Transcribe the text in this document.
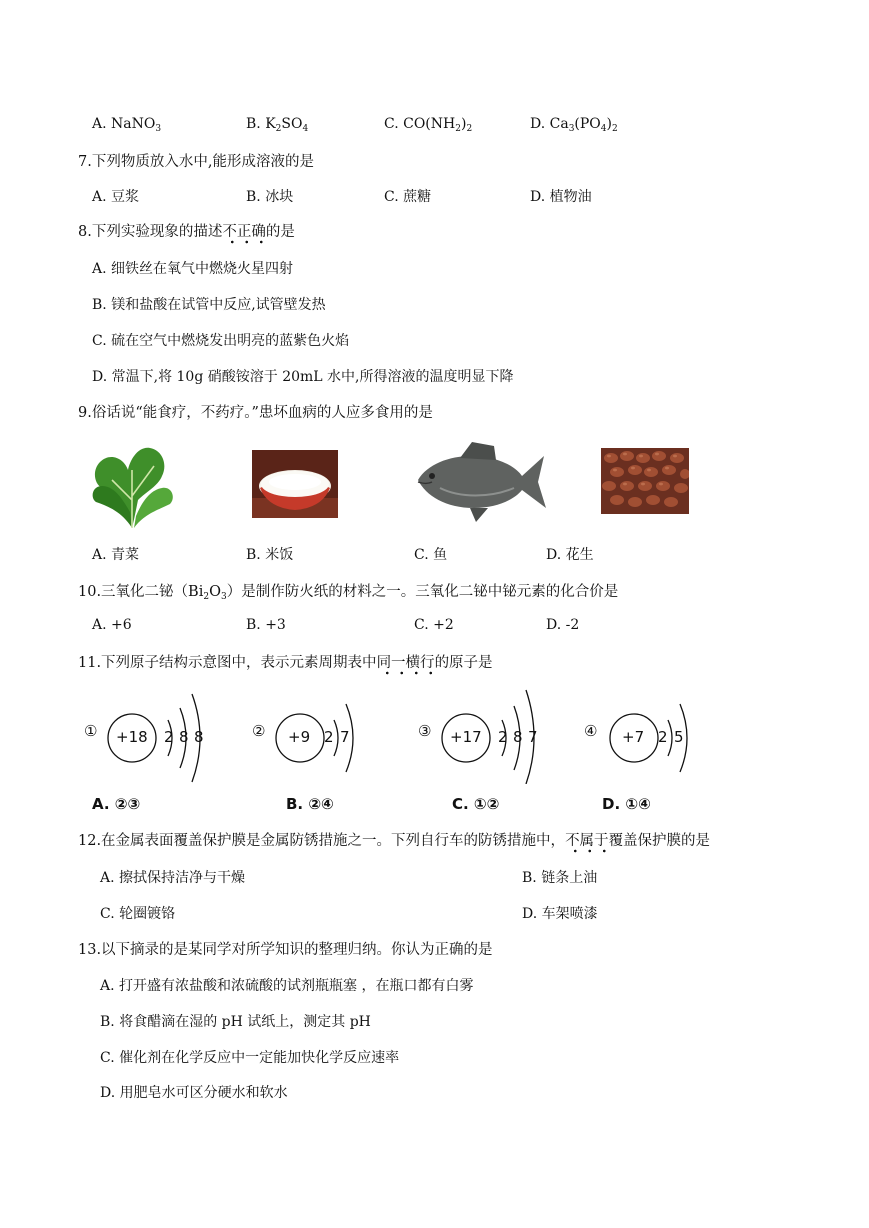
A. NaNO$_3$	B. $K_2SO_4$	C. $CO(NH_2)_2$	D. $Ca_3(PO_4)_2$
7.下列物质放入水中,能形成溶液的是
A. 豆浆	B. 冰块	C. 蔗糖	D. 植物油
8.下列实验现象的描述不正确的是
A. 细铁丝在氧气中燃烧火星四射
B. 镁和盐酸在试管中反应,试管壁发热
C. 硫在空气中燃烧发出明亮的蓝紫色火焰
D. 常温下,将 10g 硝酸铵溶于 20mL 水中,所得溶液的温度明显下降
9.俗话说“能食疗，不药疗。”患坏血病的人应多食用的是
A. 青菜	B. 米饭	C. 鱼	D. 花生
10.三氧化二铋$(Bi_2O_3)$是制作防火纸的材料之一。三氧化二铋中铋元素的化合价是
A. +6	B. +3	C. +2	D. -2
11.下列原子结构示意图中，表示元素周期表中同一横行的原子是
① +18 2 8 8	② +9 2 7	③ +17 2 8 7	④ +7 2 5
A. ②③	B. ②④	C. ①②	D. ①④
12.在金属表面覆盖保护膜是金属防锈措施之一。下列自行车的防锈措施中，不属于覆盖保护膜的是
A. 擦拭保持洁净与干燥	B. 链条上油
C. 轮圈镀铬	D. 车架喷漆
13.以下摘录的是某同学对所学知识的整理归纳。你认为正确的是
A. 打开盛有浓盐酸和浓硫酸的试剂瓶瓶塞 ，在瓶口都有白雾
B. 将食醋滴在湿的 pH 试纸上，测定其 pH
C. 催化剂在化学反应中一定能加快化学反应速率
D. 用肥皂水可区分硬水和软水
